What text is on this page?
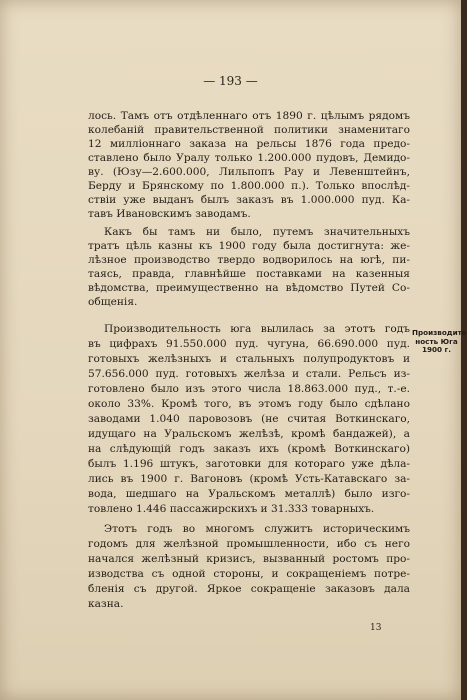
— 193 —
лось. Тамъ отъ отдѣленнаго отъ 1890 г. цѣлымъ рядомъ
колебаній правительственной политики знаменитаго
12 милліоннаго заказа на рельсы 1876 года предо-
ставлено было Уралу только 1.200.000 пудовъ, Демидо-
ву. (Юзу—2.600.000, Лильпопъ Рау и Левенштейнъ,
Берду и Брянскому по 1.800.000 п.). Только впослѣд-
ствіи уже выданъ былъ заказъ въ 1.000.000 пуд. Ка-
тавъ Ивановскимъ заводамъ.
Какъ бы тамъ ни было, путемъ значительныхъ
тратъ цѣль казны къ 1900 году была достигнута: же-
лѣзное производство твердо водворилось на югѣ, пи-
таясь, правда, главнѣйше поставками на казенныя
вѣдомства, преимущественно на вѣдомство Путей Со-
общенія.
Производительность юга вылилась за этотъ годъ
въ цифрахъ 91.550.000 пуд. чугуна, 66.690.000 пуд.
готовыхъ желѣзныхъ и стальныхъ полупродуктовъ и
57.656.000 пуд. готовыхъ желѣза и стали. Рельсъ из-
готовлено было изъ этого числа 18.863.000 пуд., т.-е.
около 33%. Кромѣ того, въ этомъ году было сдѣлано
заводами 1.040 паровозовъ (не считая Воткинскаго,
идущаго на Уральскомъ желѣзѣ, кромѣ бандажей), а
на слѣдующій годъ заказъ ихъ (кромѣ Воткинскаго)
былъ 1.196 штукъ, заготовки для котораго уже дѣла-
лись въ 1900 г. Вагоновъ (кромѣ Усть-Катавскаго за-
вода, шедшаго на Уральскомъ металлѣ) было изго-
товлено 1.446 пассажирскихъ и 31.333 товарныхъ.
Этотъ годъ во многомъ служитъ историческимъ
годомъ для желѣзной промышленности, ибо съ него
начался желѣзный кризисъ, вызванный ростомъ про-
изводства съ одной стороны, и сокращеніемъ потре-
бленія съ другой. Яркое сокращеніе заказовъ дала
казна.
Производите
ность Юга
1900 г.
13
